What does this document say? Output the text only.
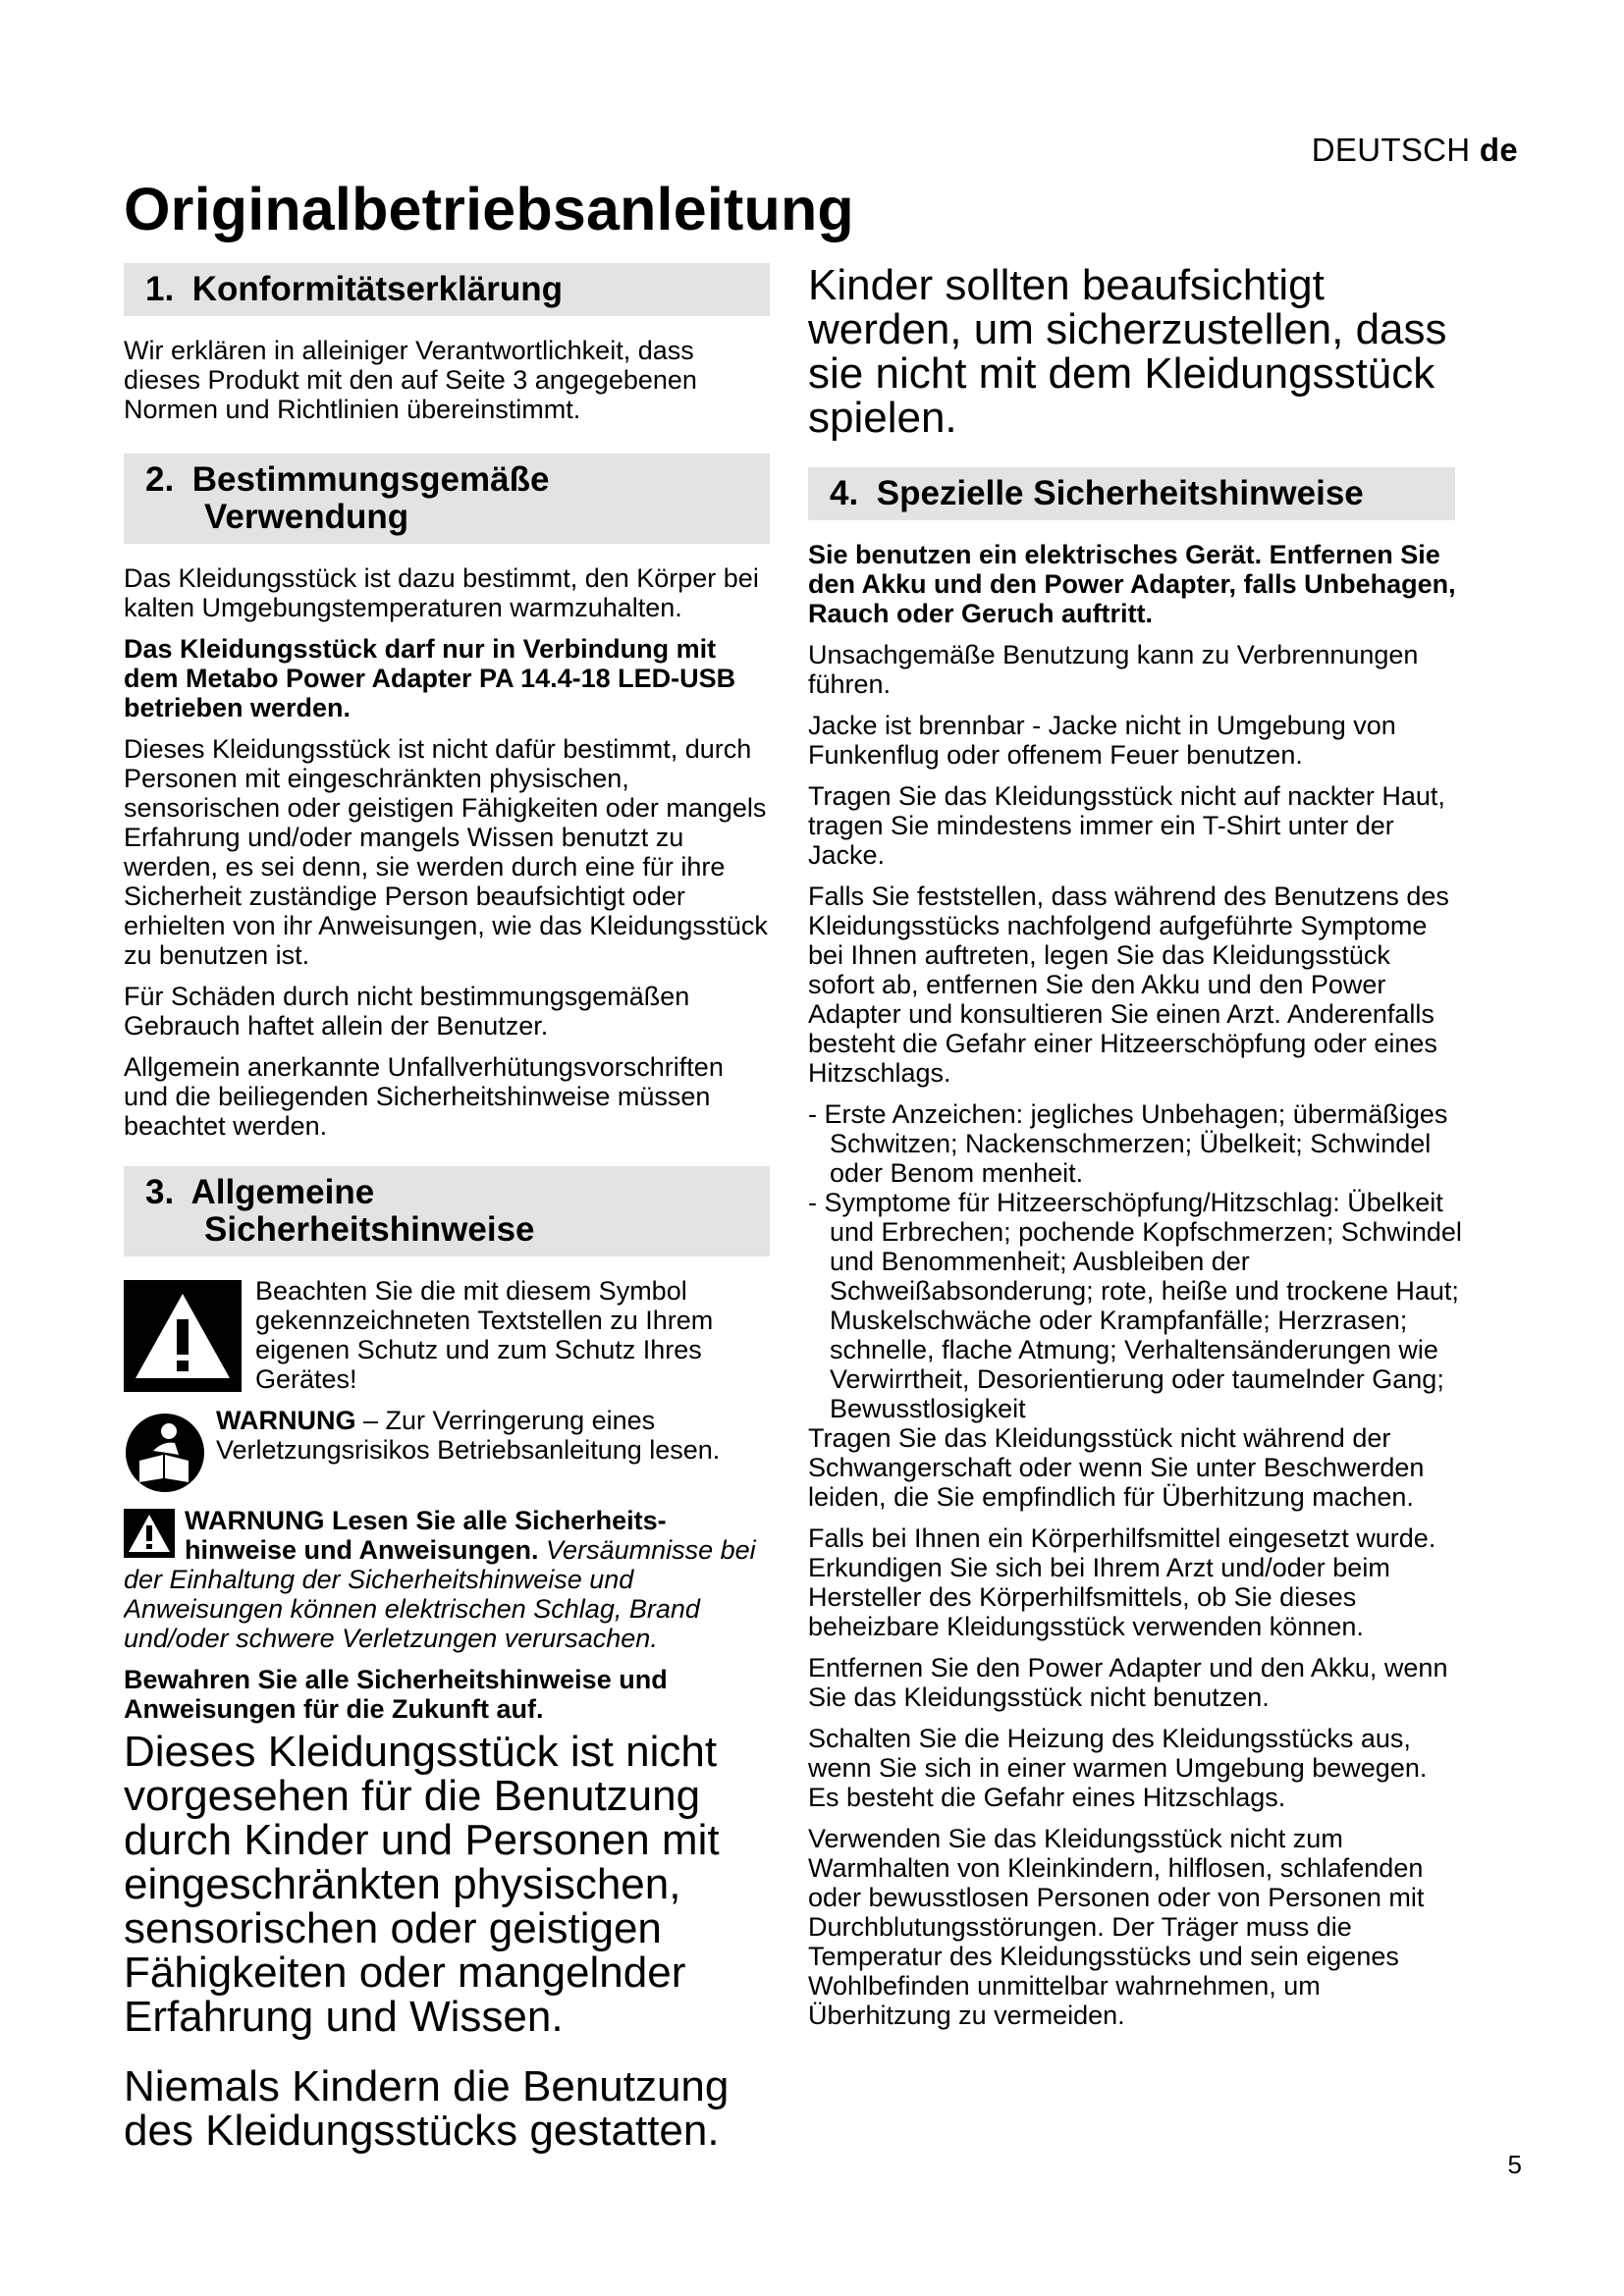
DEUTSCH de
Originalbetriebsanleitung
1. Konformitätserklärung

Wir erklären in alleiniger Verantwortlichkeit, dass dieses Produkt mit den auf Seite 3 angegebenen Normen und Richtlinien übereinstimmt.

2. Bestimmungsgemäße
Verwendung

Das Kleidungsstück ist dazu bestimmt, den Körper bei kalten Umgebungstemperaturen warmzuhalten.

Das Kleidungsstück darf nur in Verbindung mit dem Metabo Power Adapter PA 14.4-18 LED-USB betrieben werden.

Dieses Kleidungsstück ist nicht dafür bestimmt, durch Personen mit eingeschränkten physischen, sensorischen oder geistigen Fähigkeiten oder mangels Erfahrung und/oder mangels Wissen benutzt zu werden, es sei denn, sie werden durch eine für ihre Sicherheit zuständige Person beaufsichtigt oder erhielten von ihr Anweisungen, wie das Kleidungsstück zu benutzen ist.

Für Schäden durch nicht bestimmungsgemäßen Gebrauch haftet allein der Benutzer.

Allgemein anerkannte Unfallverhütungsvorschriften und die beiliegenden Sicherheitshinweise müssen beachtet werden.

3. Allgemeine
Sicherheitshinweise

Beachten Sie die mit diesem Symbol gekennzeichneten Textstellen zu Ihrem eigenen Schutz und zum Schutz Ihres Gerätes!

WARNUNG – Zur Verringerung eines Verletzungsrisikos Betriebsanleitung lesen.

WARNUNG Lesen Sie alle Sicherheits-hinweise und Anweisungen. Versäumnisse bei der Einhaltung der Sicherheitshinweise und Anweisungen können elektrischen Schlag, Brand und/oder schwere Verletzungen verursachen.

Bewahren Sie alle Sicherheitshinweise und Anweisungen für die Zukunft auf.

Dieses Kleidungsstück ist nicht vorgesehen für die Benutzung durch Kinder und Personen mit eingeschränkten physischen, sensorischen oder geistigen Fähigkeiten oder mangelnder Erfahrung und Wissen.

Niemals Kindern die Benutzung des Kleidungsstücks gestatten.

Kinder sollten beaufsichtigt werden, um sicherzustellen, dass sie nicht mit dem Kleidungsstück spielen.

4. Spezielle Sicherheitshinweise

Sie benutzen ein elektrisches Gerät. Entfernen Sie den Akku und den Power Adapter, falls Unbehagen, Rauch oder Geruch auftritt.

Unsachgemäße Benutzung kann zu Verbrennungen führen.

Jacke ist brennbar - Jacke nicht in Umgebung von Funkenflug oder offenem Feuer benutzen.

Tragen Sie das Kleidungsstück nicht auf nackter Haut, tragen Sie mindestens immer ein T-Shirt unter der Jacke.

Falls Sie feststellen, dass während des Benutzens des Kleidungsstücks nachfolgend aufgeführte Symptome bei Ihnen auftreten, legen Sie das Kleidungsstück sofort ab, entfernen Sie den Akku und den Power Adapter und konsultieren Sie einen Arzt. Anderenfalls besteht die Gefahr einer Hitzeerschöpfung oder eines Hitzschlags.

- Erste Anzeichen: jegliches Unbehagen; übermäßiges Schwitzen; Nackenschmerzen; Übelkeit; Schwindel oder Benom menheit.
- Symptome für Hitzeerschöpfung/Hitzschlag: Übelkeit und Erbrechen; pochende Kopfschmerzen; Schwindel und Benommenheit; Ausbleiben der Schweißabsonderung; rote, heiße und trockene Haut; Muskelschwäche oder Krampfanfälle; Herzrasen; schnelle, flache Atmung; Verhaltensänderungen wie Verwirrtheit, Desorientierung oder taumelnder Gang; Bewusstlosigkeit

Tragen Sie das Kleidungsstück nicht während der Schwangerschaft oder wenn Sie unter Beschwerden leiden, die Sie empfindlich für Überhitzung machen.

Falls bei Ihnen ein Körperhilfsmittel eingesetzt wurde. Erkundigen Sie sich bei Ihrem Arzt und/oder beim Hersteller des Körperhilfsmittels, ob Sie dieses beheizbare Kleidungsstück verwenden können.

Entfernen Sie den Power Adapter und den Akku, wenn Sie das Kleidungsstück nicht benutzen.

Schalten Sie die Heizung des Kleidungsstücks aus, wenn Sie sich in einer warmen Umgebung bewegen. Es besteht die Gefahr eines Hitzschlags.

Verwenden Sie das Kleidungsstück nicht zum Warmhalten von Kleinkindern, hilflosen, schlafenden oder bewusstlosen Personen oder von Personen mit Durchblutungsstörungen. Der Träger muss die Temperatur des Kleidungsstücks und sein eigenes Wohlbefinden unmittelbar wahrnehmen, um Überhitzung zu vermeiden.

5
